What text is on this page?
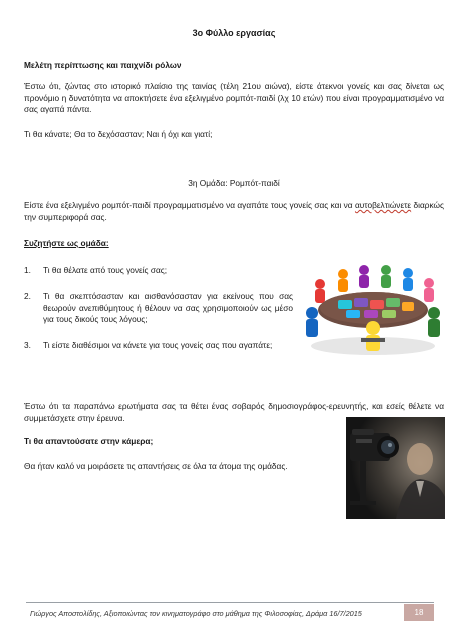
3ο Φύλλο εργασίας
Μελέτη περίπτωσης και παιχνίδι ρόλων
Έστω ότι, ζώντας στο ιστορικό πλαίσιο της ταινίας (τέλη 21ου αιώνα), είστε άτεκνοι γονείς και σας δίνεται ως προνόμιο η δυνατότητα να αποκτήσετε ένα εξελιγμένο ρομπότ-παιδί (λχ 10 ετών) που είναι προγραμματισμένο να σας αγαπά πάντα.
Τι θα κάνατε; Θα το δεχόσασταν; Ναι ή όχι και γιατί;
3η Ομάδα: Ρομπότ-παιδί
Είστε ένα εξελιγμένο ρομπότ-παιδί προγραμματισμένο να αγαπάτε τους γονείς σας και να αυτοβελτιώνετε διαρκώς την συμπεριφορά σας.
Συζητήστε ως ομάδα:
1. Τι θα θέλατε από τους γονείς σας;
2. Τι θα σκεπτόσασταν και αισθανόσασταν για εκείνους που σας θεωρούν ανεπιθύμητους ή θέλουν να σας χρησιμοποιούν ως μέσο για τους δικούς τους λόγους;
3. Τι είστε διαθέσιμοι να κάνετε για τους γονείς σας που αγαπάτε;
Έστω ότι τα παραπάνω ερωτήματα σας τα θέτει ένας σοβαρός δημοσιογράφος-ερευνητής, και εσείς θέλετε να συμμετάσχετε στην έρευνα.
Τι θα απαντούσατε στην κάμερα;
Θα ήταν καλό να μοιράσετε τις απαντήσεις σε όλα τα άτομα της ομάδας.
Γιώργος Αποστολίδης, Αξιοποιώντας τον κινηματογράφο στο μάθημα της Φιλοσοφίας, Δράμα 16/7/2015	18
